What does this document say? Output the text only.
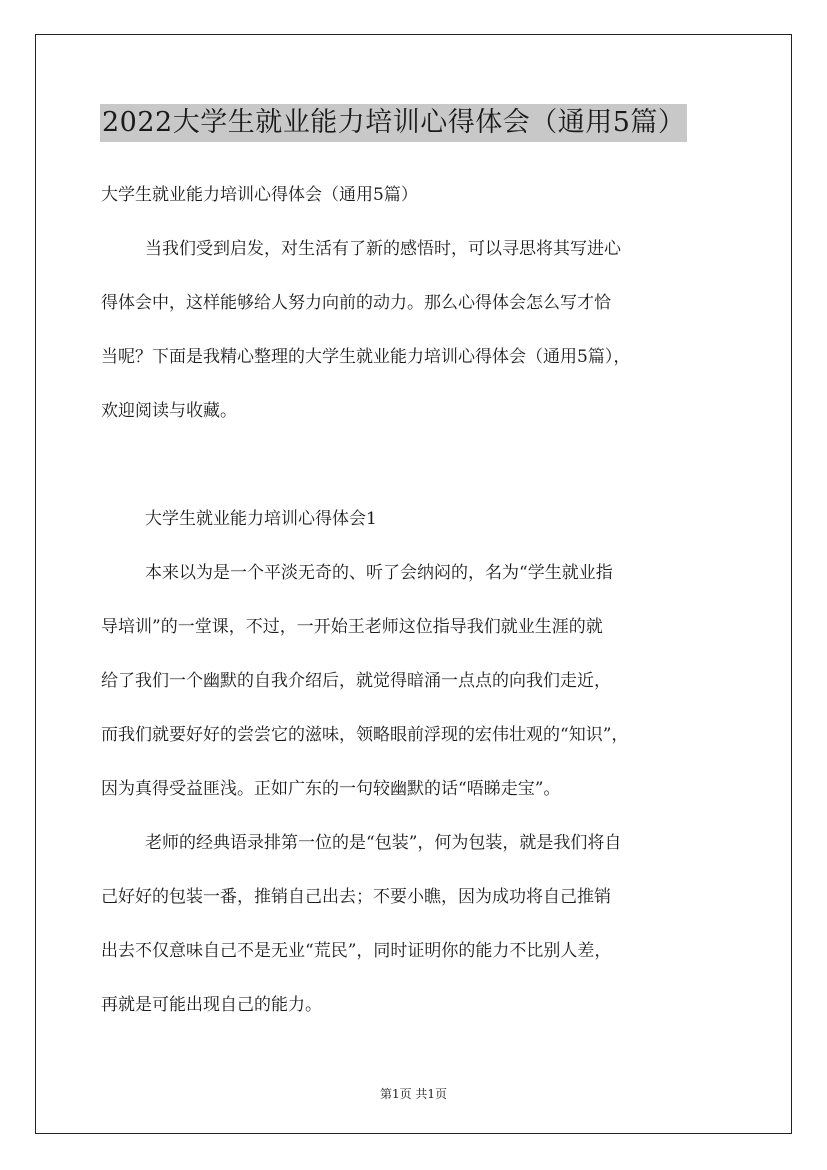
2022大学生就业能力培训心得体会（通用5篇）
大学生就业能力培训心得体会（通用5篇）
当我们受到启发，对生活有了新的感悟时，可以寻思将其写进心
得体会中，这样能够给人努力向前的动力。那么心得体会怎么写才恰
当呢？下面是我精心整理的大学生就业能力培训心得体会（通用5篇），
欢迎阅读与收藏。
大学生就业能力培训心得体会1
本来以为是一个平淡无奇的、听了会纳闷的，名为“学生就业指
导培训”的一堂课，不过，一开始王老师这位指导我们就业生涯的就
给了我们一个幽默的自我介绍后，就觉得暗涌一点点的向我们走近，
而我们就要好好的尝尝它的滋味，领略眼前浮现的宏伟壮观的“知识”，
因为真得受益匪浅。正如广东的一句较幽默的话“唔睇走宝”。
老师的经典语录排第一位的是“包装”，何为包装，就是我们将自
己好好的包装一番，推销自己出去；不要小瞧，因为成功将自己推销
出去不仅意味自己不是无业“荒民”，同时证明你的能力不比别人差，
再就是可能出现自己的能力。
第1页 共1页
